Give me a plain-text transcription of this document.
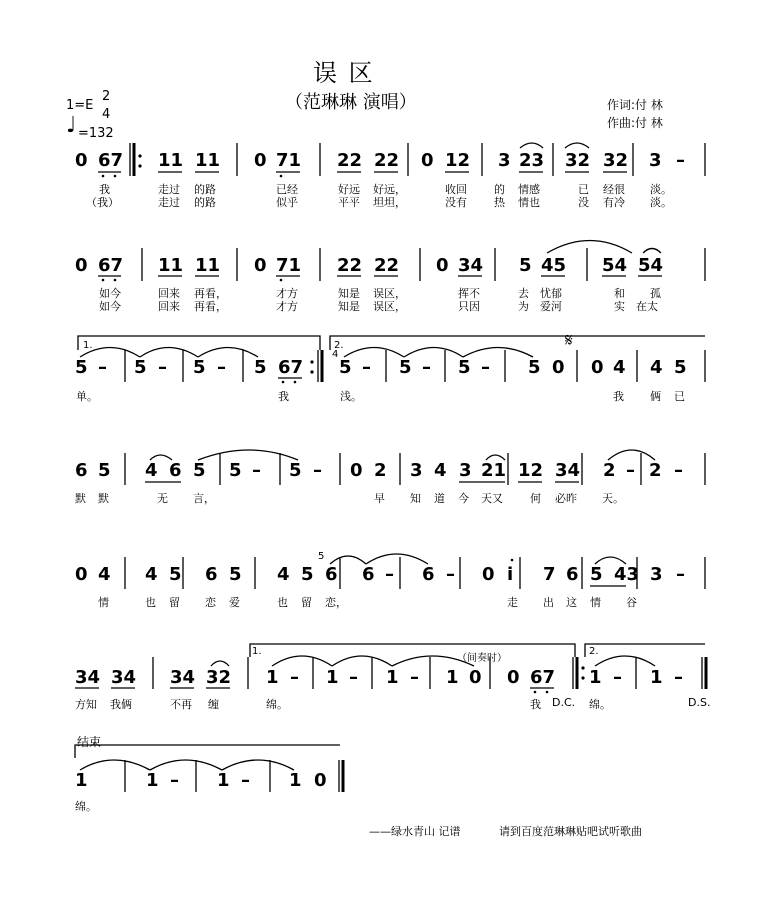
误 区
（范琳琳 演唱）
1=E
2
4
♩ =132
作词:付 林
作曲:付 林
0 67 11 11 0 71 22 22 0 12 3 23 32 32 3 –
我	走过 的路	已经	好远 好远，	收回 的 情感	已 经很 淡。
（我）	走过 的路	似乎	平平 坦坦，	没有 热 情也	没 有冷 淡。
0 67 11 11 0 71 22 22 0 34 5 45 54 54
如今	回来 再看，	才方	知是 误区，	挥不	去 忧郁	和 孤
如今	回来 再看，	才方	知是 误区，	只因	为 爱河	实 在太
1.	2.
4
5 – 5 – 5 – 5 67 5 – 5 – 5 – 5 0 0 4 4 5
𝄋
单。	我	浅。	我 俩 已
6 5 4 6 5 5 – 5 – 0 2 3 4 3 21 12 34 2 – 2 –
默 默	无 言，	早 知 道 今 天又 何 必昨 天。
5
0 4 4 5 6 5 4 5 6 6 – 6 – 0 i 7 6 5 43 3 –
情	也 留 恋 爱	也 留 恋，	走 出 这 情 谷
1.	2.
（间奏时）
34 34 34 32 1 – 1 – 1 – 1 0 0 67 1 – 1 –
方知 我俩	不再 缠	绵。	我 D.C. 绵。	D.S.
结束
1	1 – 1 – 1 0
绵。
——绿水青山 记谱	请到百度范琳琳贴吧试听歌曲
